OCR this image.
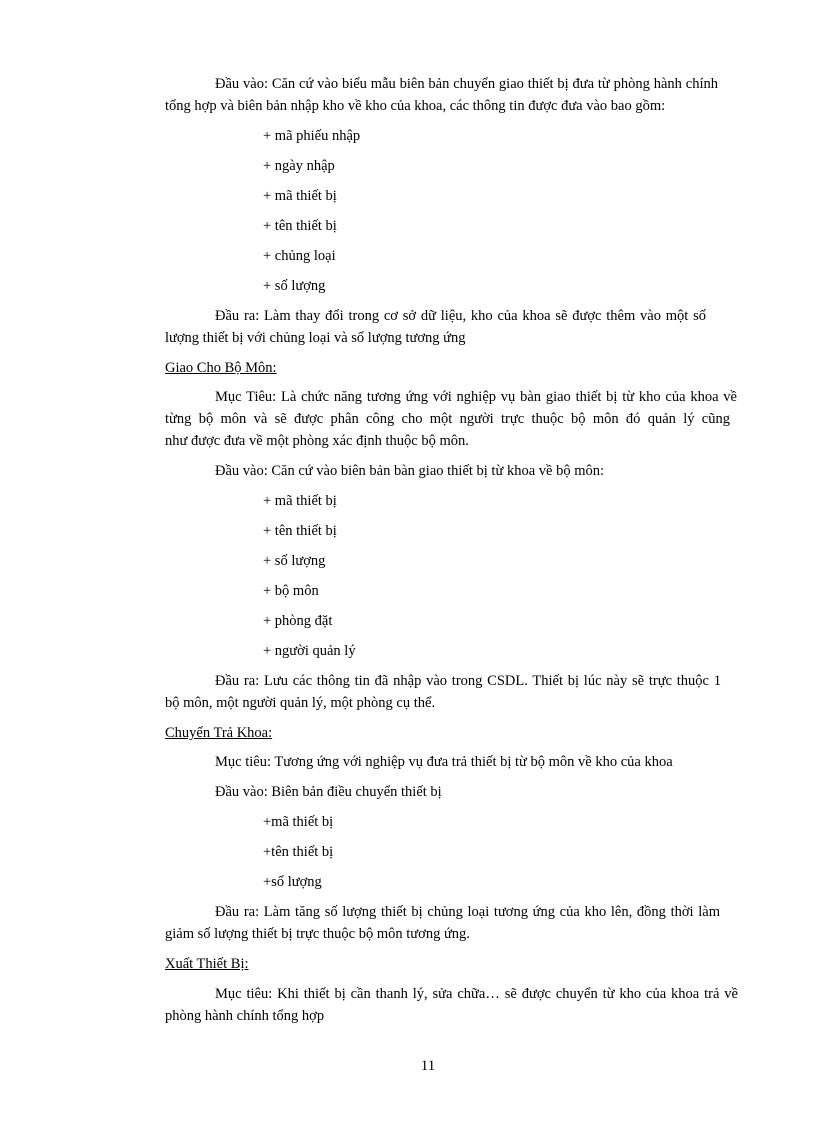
Đầu vào: Căn cứ vào biểu mẫu biên bản chuyển giao thiết bị đưa từ phòng hành chính
tổng hợp và biên bản nhập kho về kho của khoa, các thông tin được đưa vào bao gồm:
+ mã phiếu nhập
+ ngày nhập
+ mã thiết bị
+ tên thiết bị
+ chủng loại
+ số lượng
Đầu ra: Làm thay đổi trong cơ sở dữ liệu, kho của khoa sẽ được thêm vào một số
lượng thiết bị với chủng loại và số lượng tương ứng
Giao Cho Bộ Môn:
Mục Tiêu: Là chức năng tương ứng với nghiệp vụ bàn giao thiết bị từ kho của khoa về
từng bộ môn và sẽ được phân công cho một người trực thuộc bộ môn đó quản lý cũng
như được đưa về một phòng xác định thuộc bộ môn.
Đầu vào: Căn cứ vào biên bản bàn giao thiết bị từ khoa về bộ môn:
+ mã thiết bị
+ tên thiết bị
+ số lượng
+ bộ môn
+ phòng đặt
+ người quản lý
Đầu ra: Lưu các thông tin đã nhập vào trong CSDL. Thiết bị lúc này sẽ trực thuộc 1
bộ môn, một người quản lý, một phòng cụ thể.
Chuyển Trả Khoa:
Mục tiêu: Tương ứng với nghiệp vụ đưa trả thiết bị từ bộ môn về kho của khoa
Đầu vào: Biên bản điều chuyển thiết bị
+mã thiết bị
+tên thiết bị
+số lượng
Đầu ra: Làm tăng số lượng thiết bị chủng loại tương ứng của kho lên, đồng thời làm
giảm số lượng thiết bị trực thuộc bộ môn tương ứng.
Xuất Thiết Bị:
Mục tiêu: Khi thiết bị cần thanh lý, sửa chữa… sẽ được chuyển từ kho của khoa trả về
phòng hành chính tổng hợp
11
